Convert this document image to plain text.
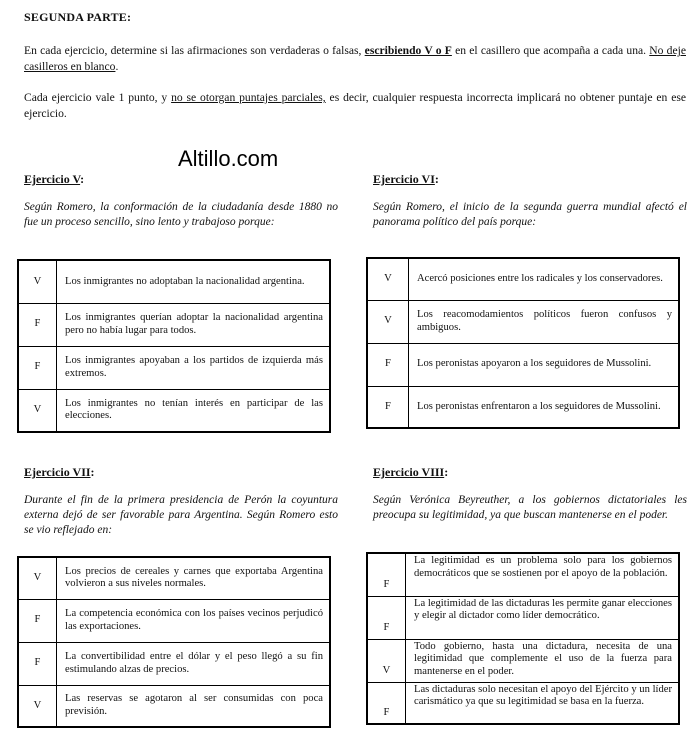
SEGUNDA PARTE:
En cada ejercicio, determine si las afirmaciones son verdaderas o falsas, escribiendo V o F en el casillero que acompaña a cada una. No deje casilleros en blanco.
Cada ejercicio vale 1 punto, y no se otorgan puntajes parciales, es decir, cualquier respuesta incorrecta implicará no obtener puntaje en ese ejercicio.
Altillo.com
Ejercicio V:
Según Romero, la conformación de la ciudadanía desde 1880 no fue un proceso sencillo, sino lento y trabajoso porque:
V	Los inmigrantes no adoptaban la nacionalidad argentina.
F	Los inmigrantes querían adoptar la nacionalidad argentina pero no había lugar para todos.
F	Los inmigrantes apoyaban a los partidos de izquierda más extremos.
V	Los inmigrantes no tenían interés en participar de las elecciones.
Ejercicio VI:
Según Romero, el inicio de la segunda guerra mundial afectó el panorama político del país porque:
V	Acercó posiciones entre los radicales y los conservadores.
V	Los reacomodamientos políticos fueron confusos y ambiguos.
F	Los peronistas apoyaron a los seguidores de Mussolini.
F	Los peronistas enfrentaron a los seguidores de Mussolini.
Ejercicio VII:
Durante el fin de la primera presidencia de Perón la coyuntura externa dejó de ser favorable para Argentina. Según Romero esto se vio reflejado en:
V	Los precios de cereales y carnes que exportaba Argentina volvieron a sus niveles normales.
F	La competencia económica con los países vecinos perjudicó las exportaciones.
F	La convertibilidad entre el dólar y el peso llegó a su fin estimulando alzas de precios.
V	Las reservas se agotaron al ser consumidas con poca previsión.
Ejercicio VIII:
Según Verónica Beyreuther, a los gobiernos dictatoriales les preocupa su legitimidad, ya que buscan mantenerse en el poder.
F	La legitimidad es un problema solo para los gobiernos democráticos que se sostienen por el apoyo de la población.
F	La legitimidad de las dictaduras les permite ganar elecciones y elegir al dictador como líder democrático.
V	Todo gobierno, hasta una dictadura, necesita de una legitimidad que complemente el uso de la fuerza para mantenerse en el poder.
F	Las dictaduras solo necesitan el apoyo del Ejército y un líder carismático ya que su legitimidad se basa en la fuerza.
